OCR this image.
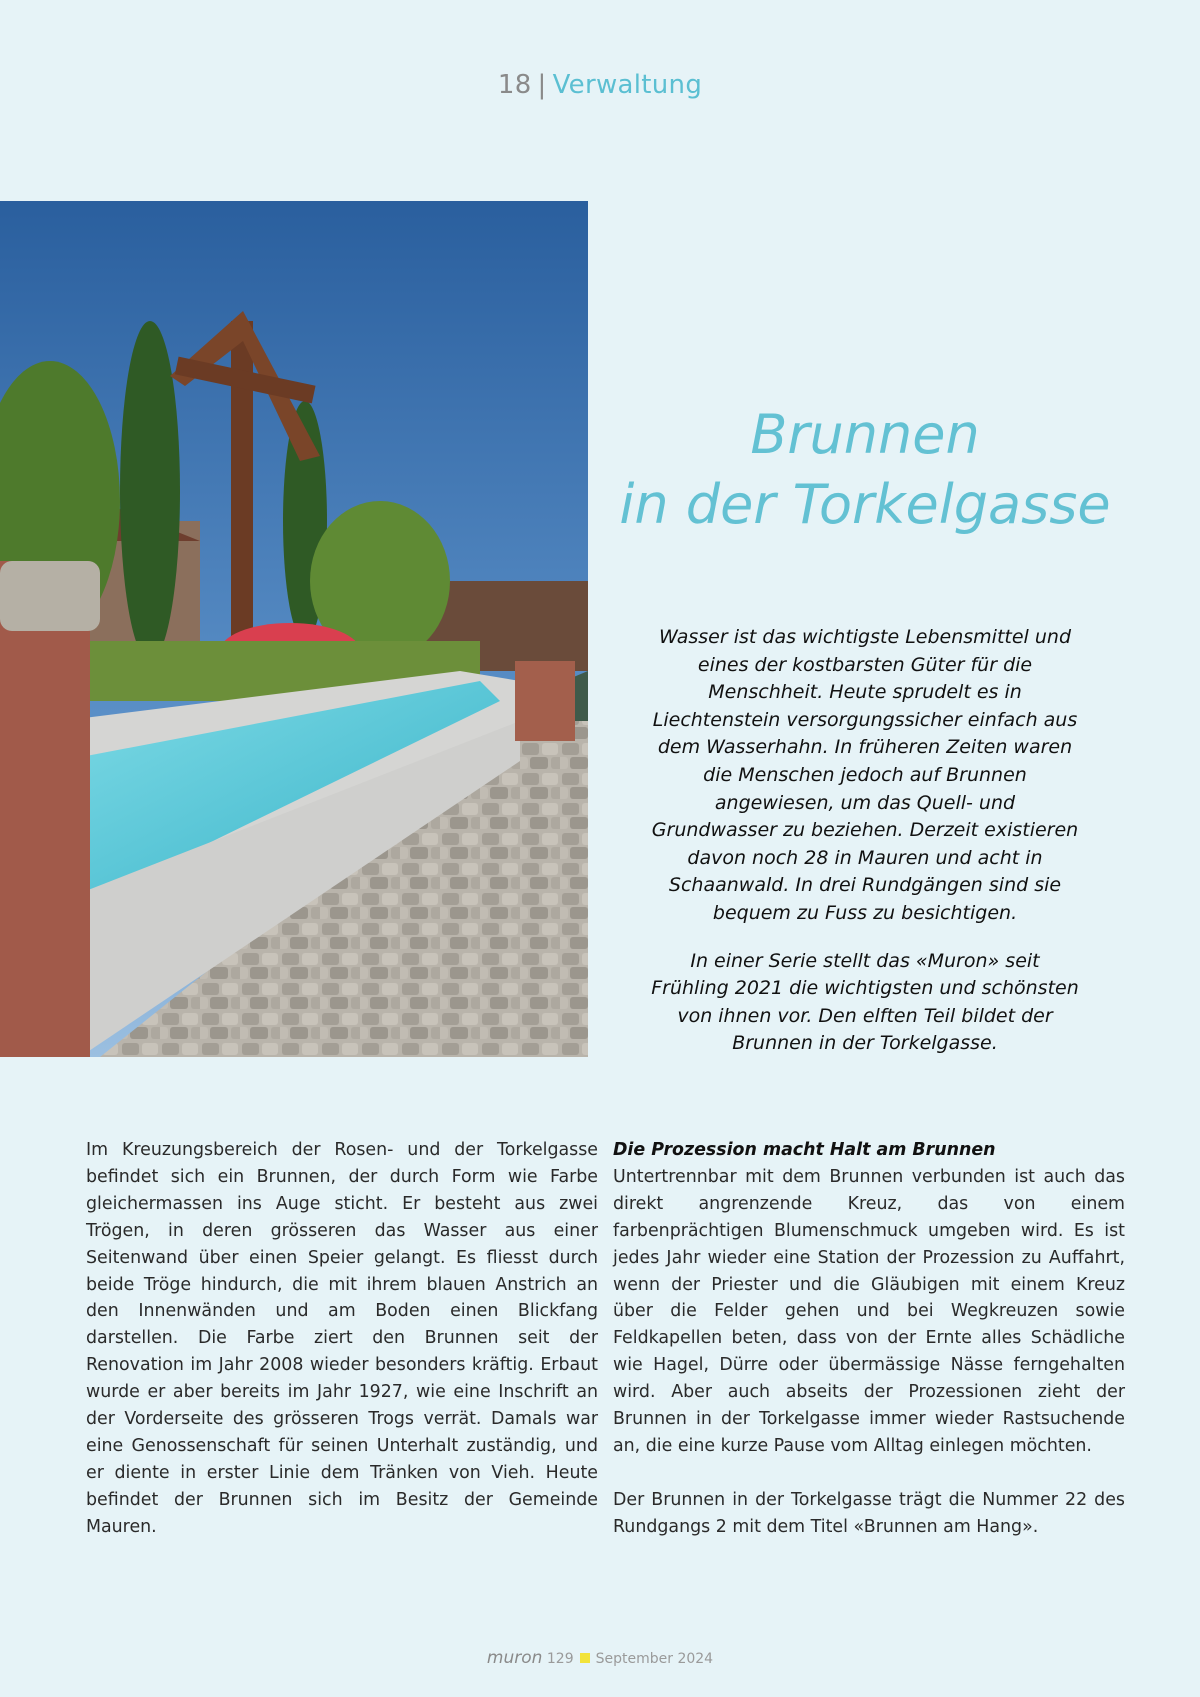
18 | Verwaltung
Brunnen
in der Torkelgasse

Wasser ist das wichtigste Lebensmittel und eines der kostbarsten Güter für die Menschheit. Heute sprudelt es in Liechtenstein versorgungssicher einfach aus dem Wasserhahn. In früheren Zeiten waren die Menschen jedoch auf Brunnen angewiesen, um das Quell- und Grundwasser zu beziehen. Derzeit existieren davon noch 28 in Mauren und acht in Schaanwald. In drei Rundgängen sind sie bequem zu Fuss zu besichtigen.

In einer Serie stellt das «Muron» seit Frühling 2021 die wichtigsten und schönsten von ihnen vor. Den elften Teil bildet der Brunnen in der Torkelgasse.

Im Kreuzungsbereich der Rosen- und der Torkelgasse befindet sich ein Brunnen, der durch Form wie Farbe gleichermassen ins Auge sticht. Er besteht aus zwei Trögen, in deren grösseren das Wasser aus einer Seitenwand über einen Speier gelangt. Es fliesst durch beide Tröge hindurch, die mit ihrem blauen Anstrich an den Innenwänden und am Boden einen Blickfang darstellen. Die Farbe ziert den Brunnen seit der Renovation im Jahr 2008 wieder besonders kräftig. Erbaut wurde er aber bereits im Jahr 1927, wie eine Inschrift an der Vorderseite des grösseren Trogs verrät. Damals war eine Genossenschaft für seinen Unterhalt zuständig, und er diente in erster Linie dem Tränken von Vieh. Heute befindet der Brunnen sich im Besitz der Gemeinde Mauren.

Die Prozession macht Halt am Brunnen

Untertrennbar mit dem Brunnen verbunden ist auch das direkt angrenzende Kreuz, das von einem farbenprächtigen Blumenschmuck umgeben wird. Es ist jedes Jahr wieder eine Station der Prozession zu Auffahrt, wenn der Priester und die Gläubigen mit einem Kreuz über die Felder gehen und bei Wegkreuzen sowie Feldkapellen beten, dass von der Ernte alles Schädliche wie Hagel, Dürre oder übermässige Nässe ferngehalten wird. Aber auch abseits der Prozessionen zieht der Brunnen in der Torkelgasse immer wieder Rastsuchende an, die eine kurze Pause vom Alltag einlegen möchten.

Der Brunnen in der Torkelgasse trägt die Nummer 22 des Rundgangs 2 mit dem Titel «Brunnen am Hang».

muron 129 September 2024
